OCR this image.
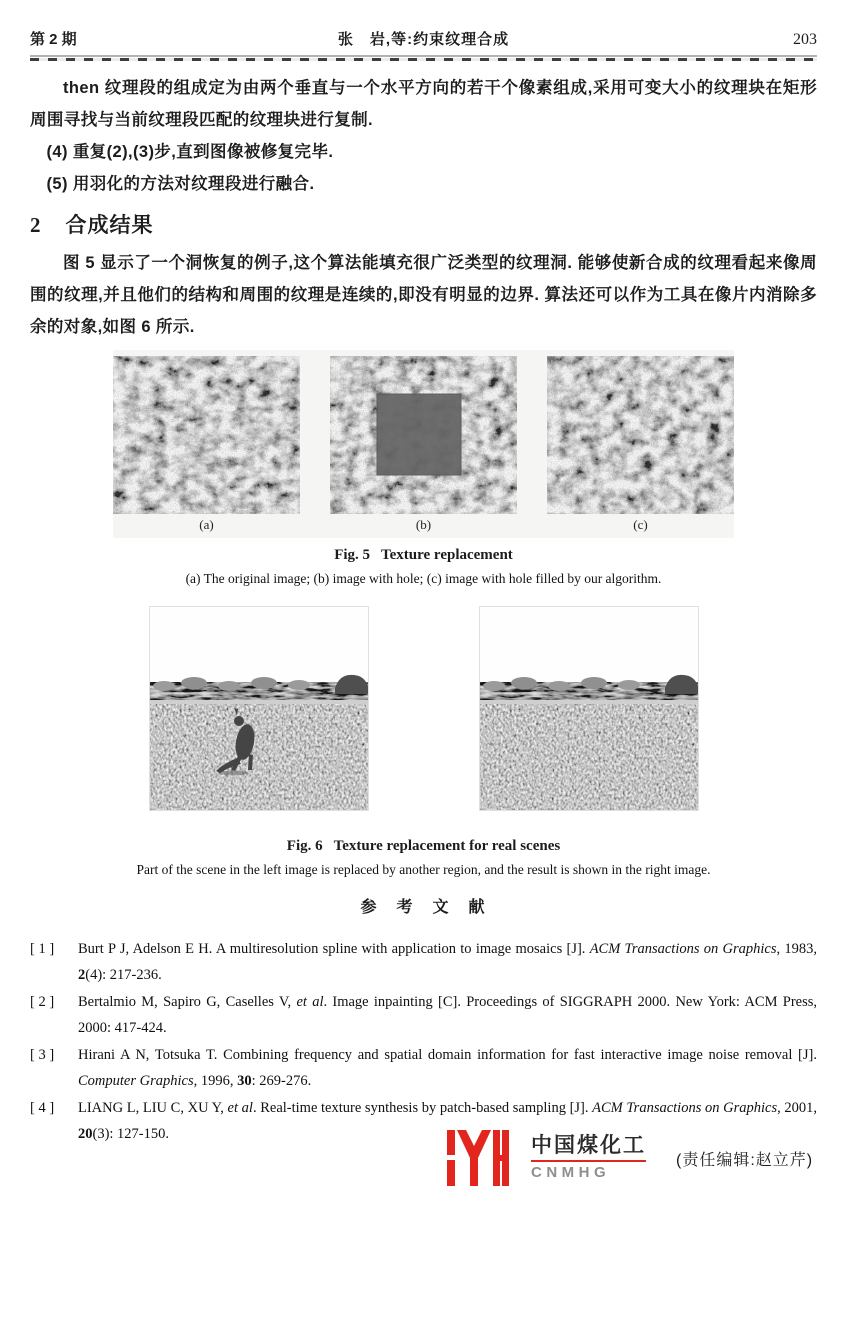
第 2 期	张　岩,等:约束纹理合成	203

then 纹理段的组成定为由两个垂直与一个水平方向的若干个像素组成,采用可变大小的纹理块在矩形周围寻找与当前纹理段匹配的纹理块进行复制.

(4) 重复(2),(3)步,直到图像被修复完毕.

(5) 用羽化的方法对纹理段进行融合.

2 合成结果

图 5 显示了一个洞恢复的例子,这个算法能填充很广泛类型的纹理洞. 能够使新合成的纹理看起来像周围的纹理,并且他们的结构和周围的纹理是连续的,即没有明显的边界. 算法还可以作为工具在像片内消除多余的对象,如图 6 所示.

(a)	(b)	(c)
Fig. 5   Texture replacement
(a) The original image; (b) image with hole; (c) image with hole filled by our algorithm.
Fig. 6   Texture replacement for real scenes
Part of the scene in the left image is replaced by another region, and the result is shown in the right image.
参　考　文　献
[ 1 ]	Burt P J, Adelson E H. A multiresolution spline with application to image mosaics [J]. ACM Transactions on Graphics, 1983, 2(4): 217-236.
[ 2 ]	Bertalmio M, Sapiro G, Caselles V, et al. Image inpainting [C]. Proceedings of SIGGRAPH 2000. New York: ACM Press, 2000: 417-424.
[ 3 ]	Hirani A N, Totsuka T. Combining frequency and spatial domain information for fast interactive image noise removal [J]. Computer Graphics, 1996, 30: 269-276.
[ 4 ]	LIANG L, LIU C, XU Y, et al. Real-time texture synthesis by patch-based sampling [J]. ACM Transactions on Graphics, 2001, 20(3): 127-150.	中国煤化工
CNMHG
(责任编辑:赵立芹)
